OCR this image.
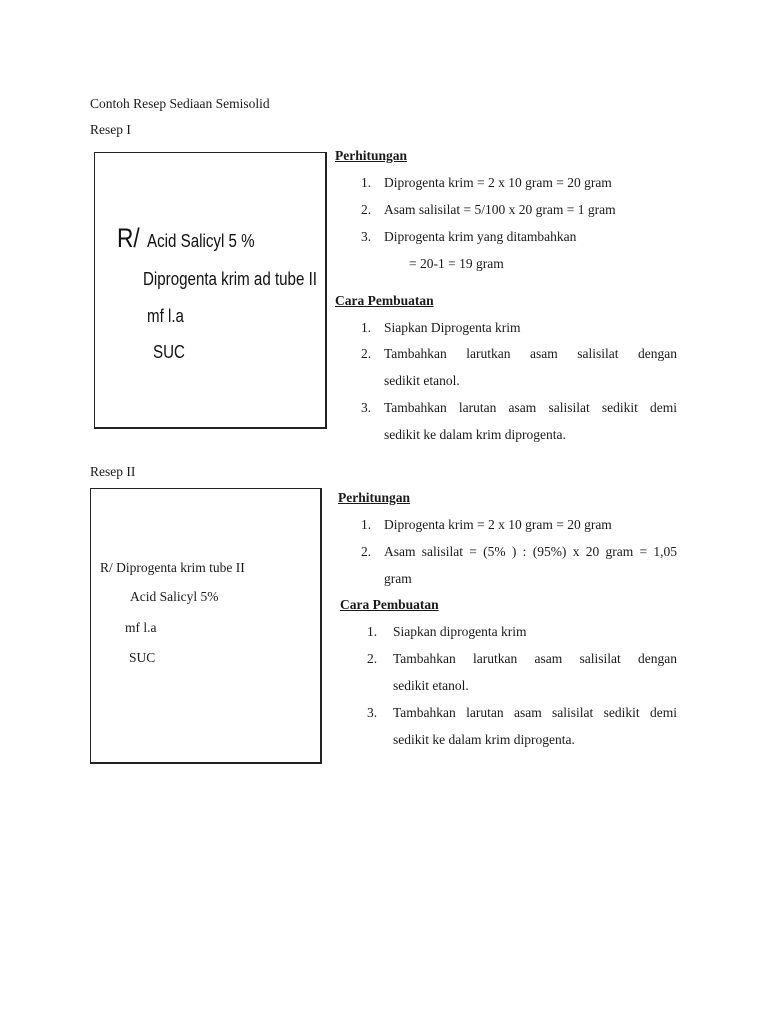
Contoh Resep Sediaan Semisolid
Resep I
R/ Acid Salicyl 5 %
Diprogenta krim ad tube II
mf l.a
SUC
Perhitungan
1. Diprogenta krim = 2 x 10 gram = 20 gram
2. Asam salisilat = 5/100 x 20 gram = 1 gram
3. Diprogenta krim yang ditambahkan
= 20-1 = 19 gram
Cara Pembuatan
1. Siapkan Diprogenta krim
2. Tambahkan larutkan asam salisilat dengan
sedikit etanol.
3. Tambahkan larutan asam salisilat sedikit demi
sedikit ke dalam krim diprogenta.
Resep II
R/ Diprogenta krim tube II
Acid Salicyl 5%
mf l.a
SUC
Perhitungan
1. Diprogenta krim = 2 x 10 gram = 20 gram
2. Asam salisilat = (5% ) : (95%) x 20 gram = 1,05
gram
Cara Pembuatan
1. Siapkan diprogenta krim
2. Tambahkan larutkan asam salisilat dengan
sedikit etanol.
3. Tambahkan larutan asam salisilat sedikit demi
sedikit ke dalam krim diprogenta.
